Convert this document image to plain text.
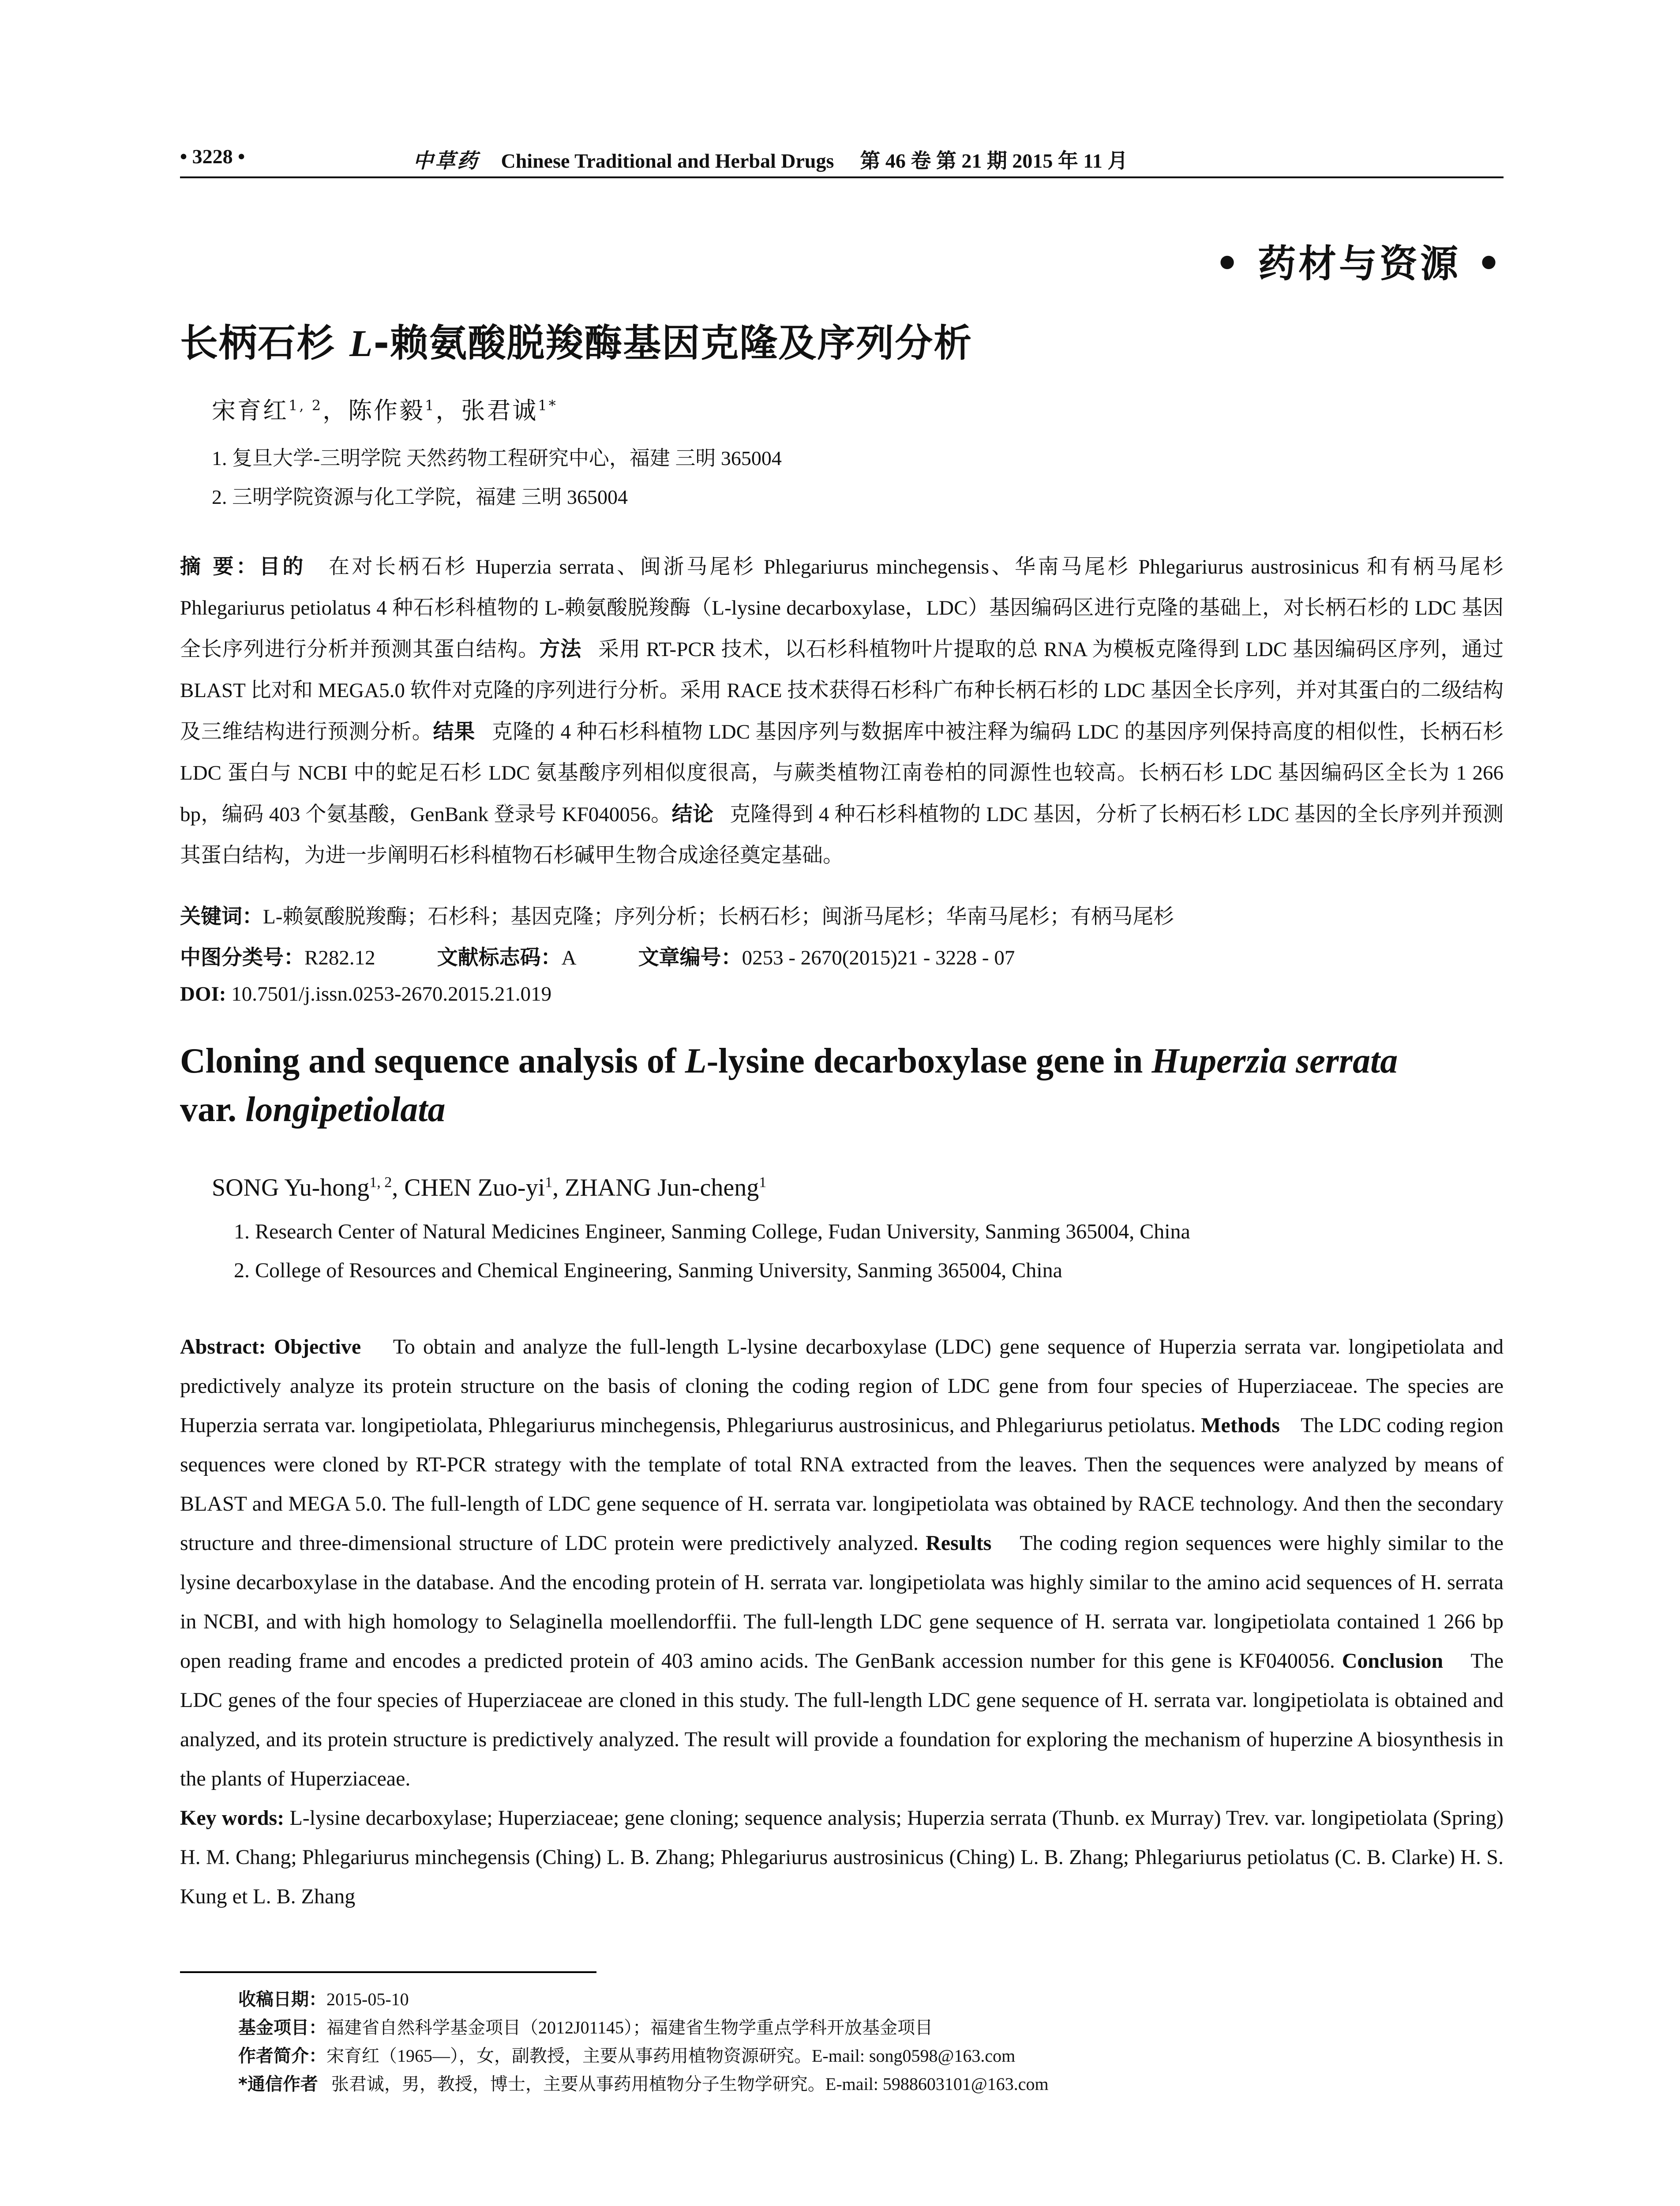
• 3228 •	中草药 Chinese Traditional and Herbal Drugs 第 46 卷 第 21 期 2015 年 11 月
• 药材与资源 •
长柄石杉 L-赖氨酸脱羧酶基因克隆及序列分析
宋育红$^{1, 2}$，陈作毅$^1$，张君诚$^{1*}$
1. 复旦大学-三明学院 天然药物工程研究中心，福建 三明 365004
2. 三明学院资源与化工学院，福建 三明 365004
摘 要：目的 在对长柄石杉 Huperzia serrata、闽浙马尾杉 Phlegariurus minchegensis、华南马尾杉 Phlegariurus austrosinicus 和有柄马尾杉 Phlegariurus petiolatus 4 种石杉科植物的 L-赖氨酸脱羧酶（L-lysine decarboxylase，LDC）基因编码区进行克隆的基础上，对长柄石杉的 LDC 基因全长序列进行分析并预测其蛋白结构。方法 采用 RT-PCR 技术，以石杉科植物叶片提取的总 RNA 为模板克隆得到 LDC 基因编码区序列，通过 BLAST 比对和 MEGA5.0 软件对克隆的序列进行分析。采用 RACE 技术获得石杉科广布种长柄石杉的 LDC 基因全长序列，并对其蛋白的二级结构及三维结构进行预测分析。结果 克隆的 4 种石杉科植物 LDC 基因序列与数据库中被注释为编码 LDC 的基因序列保持高度的相似性，长柄石杉 LDC 蛋白与 NCBI 中的蛇足石杉 LDC 氨基酸序列相似度很高，与蕨类植物江南卷柏的同源性也较高。长柄石杉 LDC 基因编码区全长为 1 266 bp，编码 403 个氨基酸，GenBank 登录号 KF040056。结论 克隆得到 4 种石杉科植物的 LDC 基因，分析了长柄石杉 LDC 基因的全长序列并预测其蛋白结构，为进一步阐明石杉科植物石杉碱甲生物合成途径奠定基础。
关键词：L-赖氨酸脱羧酶；石杉科；基因克隆；序列分析；长柄石杉；闽浙马尾杉；华南马尾杉；有柄马尾杉
中图分类号：R282.12	文献标志码：A	文章编号：0253 - 2670(2015)21 - 3228 - 07
DOI: 10.7501/j.issn.0253-2670.2015.21.019
Cloning and sequence analysis of L-lysine decarboxylase gene in Huperzia serrata
var. longipetiolata
SONG Yu-hong$^{1, 2}$, CHEN Zuo-$yi^1$, ZHANG Jun-cheng$^1$
1. Research Center of Natural Medicines Engineer, Sanming College, Fudan University, Sanming 365004, China
2. College of Resources and Chemical Engineering, Sanming University, Sanming 365004, China
Abstract: Objective To obtain and analyze the full-length L-lysine decarboxylase (LDC) gene sequence of Huperzia serrata var. longipetiolata and predictively analyze its protein structure on the basis of cloning the coding region of LDC gene from four species of Huperziaceae. The species are Huperzia serrata var. longipetiolata, Phlegariurus minchegensis, Phlegariurus austrosinicus, and Phlegariurus petiolatus. Methods The LDC coding region sequences were cloned by RT-PCR strategy with the template of total RNA extracted from the leaves. Then the sequences were analyzed by means of BLAST and MEGA 5.0. The full-length of LDC gene sequence of H. serrata var. longipetiolata was obtained by RACE technology. And then the secondary structure and three-dimensional structure of LDC protein were predictively analyzed. Results The coding region sequences were highly similar to the lysine decarboxylase in the database. And the encoding protein of H. serrata var. longipetiolata was highly similar to the amino acid sequences of H. serrata in NCBI, and with high homology to Selaginella moellendorffii. The full-length LDC gene sequence of H. serrata var. longipetiolata contained 1 266 bp open reading frame and encodes a predicted protein of 403 amino acids. The GenBank accession number for this gene is KF040056. Conclusion The LDC genes of the four species of Huperziaceae are cloned in this study. The full-length LDC gene sequence of H. serrata var. longipetiolata is obtained and analyzed, and its protein structure is predictively analyzed. The result will provide a foundation for exploring the mechanism of huperzine A biosynthesis in the plants of Huperziaceae.
Key words: L-lysine decarboxylase; Huperziaceae; gene cloning; sequence analysis; Huperzia serrata (Thunb. ex Murray) Trev. var. longipetiolata (Spring) H. M. Chang; Phlegariurus minchegensis (Ching) L. B. Zhang; Phlegariurus austrosinicus (Ching) L. B. Zhang; Phlegariurus petiolatus (C. B. Clarke) H. S. Kung et L. B. Zhang
收稿日期：2015-05-10
基金项目：福建省自然科学基金项目（2012J01145）；福建省生物学重点学科开放基金项目
作者简介：宋育红（1965—），女，副教授，主要从事药用植物资源研究。E-mail: song0598@163.com
*通信作者 张君诚，男，教授，博士，主要从事药用植物分子生物学研究。E-mail: 5988603101@163.com
